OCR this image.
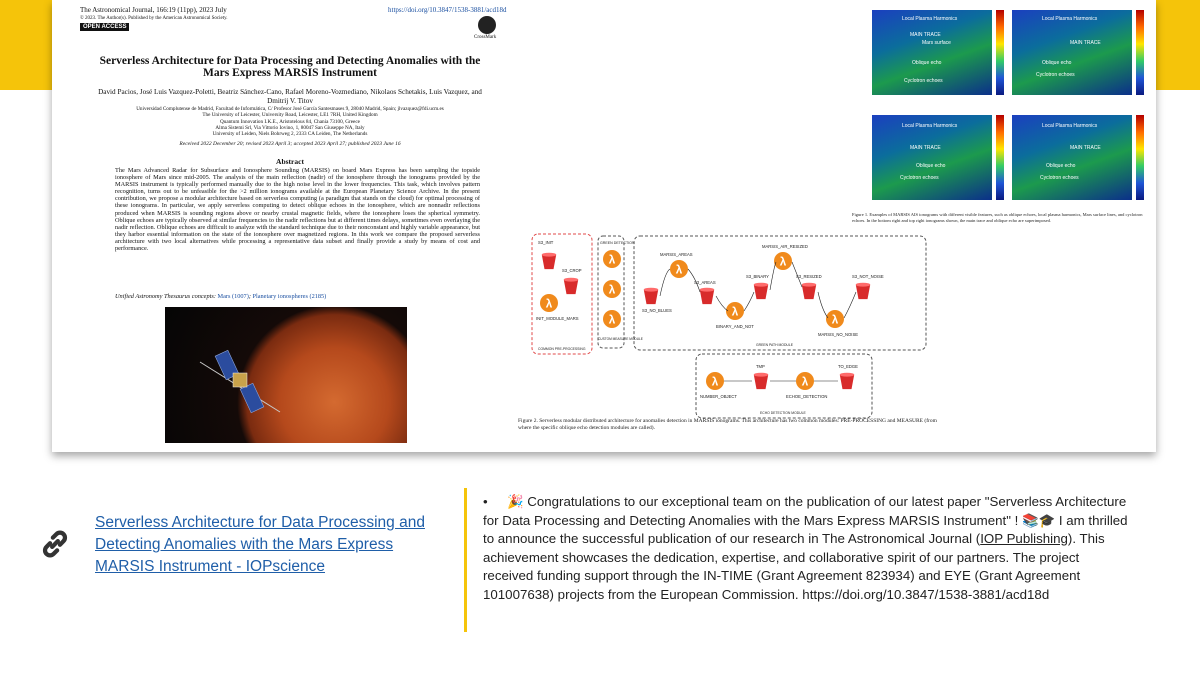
The Astronomical Journal, 166:19 (11pp), 2023 July	https://doi.org/10.3847/1538-3881/acd18d
© 2023. The Author(s). Published by the American Astronomical Society.
OPEN ACCESS
CrossMark
Serverless Architecture for Data Processing and Detecting Anomalies with the Mars Express MARSIS Instrument
David Pacios, José Luis Vazquez-Poletti, Beatriz Sánchez-Cano, Rafael Moreno-Vozmediano, Nikolaos Schetakis, Luis Vazquez, and Dmitrij V. Titov
Universidad Complutense de Madrid, Facultad de Informática, C/ Profesor José García Santesmases 9, 28040 Madrid, Spain; jlvazquez@fdi.ucm.es
The University of Leicester, University Road, Leicester, LE1 7RH, United Kingdom
Quantum Innovation I.K.E., Aristotelous 84, Chania 73100, Greece
Alma Sistemi Srl, Via Vittorio Iovino, 1, 80047 San Giuseppe NA, Italy
University of Leiden, Niels Bohrweg 2, 2333 CA Leiden, The Netherlands
Received 2022 December 20; revised 2023 April 3; accepted 2023 April 27; published 2023 June 16
Abstract
The Mars Advanced Radar for Subsurface and Ionosphere Sounding (MARSIS) on board Mars Express has been sampling the topside ionosphere of Mars since mid-2005. The analysis of the main reflection (nadir) of the ionosphere through the ionograms provided by the MARSIS instrument is typically performed manually due to the high noise level in the lower frequencies. This task, which involves pattern recognition, turns out to be unfeasible for the >2 million ionograms available at the European Planetary Science Archive. In the present contribution, we propose a modular architecture based on serverless computing (a paradigm that stands on the cloud) for optimal processing of these ionograms. In particular, we apply serverless computing to detect oblique echoes in the ionosphere, which are nonnadir reflections produced when MARSIS is sounding regions above or nearby crustal magnetic fields, where the ionosphere loses the spherical symmetry. Oblique echoes are typically observed at similar frequencies to the nadir reflections but at different times delays, sometimes even overlaying the nadir reflection. Oblique echoes are difficult to analyze with the standard technique due to their nonconstant and highly variable appearance, but they harbor essential information on the state of the ionosphere over magnetized regions. In this work we compare the proposed serverless architecture with two local alternatives while processing a representative data subset and finally provide a study by means of cost and performance.
Unified Astronomy Thesaurus concepts: Mars (1007); Planetary ionospheres (2185)
Local Plasma Harmonics
MAIN TRACE
Mars surface
Oblique echo
Cyclotron echoes
Local Plasma Harmonics
MAIN TRACE
Oblique echo
Cyclotron echoes
Local Plasma Harmonics
MAIN TRACE
Oblique echo
Cyclotron echoes
Local Plasma Harmonics
MAIN TRACE
Oblique echo
Cyclotron echoes
Figure 1. Examples of MARSIS AIS ionograms with different visible features, such as oblique echoes, local plasma harmonics, Mars surface lines, and cyclotron echoes. In the bottom right and top right ionograms shown, the main trace and oblique echo are superimposed.
S3_INIT
S3_CROP
INIT_MODULE_MARS
COMMON PRE-PROCESSING
GREEN DETECTION
CUSTOM MEASURE MODULE
MARSIS_AREAS
MARSIS_AIR_RESIZED
S3_NO_BLUES
S3_AREAS
S3_BINARY	S3_RESIZED	S3_NOT_NOISE
BINARY_AND_NOT
MARSIS_NO_NOISE
GREEN PATH MODULE
TMP	TO_EDGE
NUMBER_OBJECT	ECHOE_DETECTION
ECHO DETECTION MODULE
Figure 2. Serverless modular distributed architecture for anomalies detection in MARSIS ionograms. This architecture has two common modules: PRE-PROCESSING and MEASURE (from where the specific oblique echo detection modules are called).
Serverless Architecture for Data Processing and Detecting Anomalies with the Mars Express MARSIS Instrument - IOPscience
• 🎉 Congratulations to our exceptional team on the publication of our latest paper "Serverless Architecture for Data Processing and Detecting Anomalies with the Mars Express MARSIS Instrument" ! 📚🎓 I am thrilled to announce the successful publication of our research in The Astronomical Journal (IOP Publishing). This achievement showcases the dedication, expertise, and collaborative spirit of our partners. The project received funding support through the IN-TIME (Grant Agreement 823934) and EYE (Grant Agreement 101007638) projects from the European Commission. https://doi.org/10.3847/1538-3881/acd18d
